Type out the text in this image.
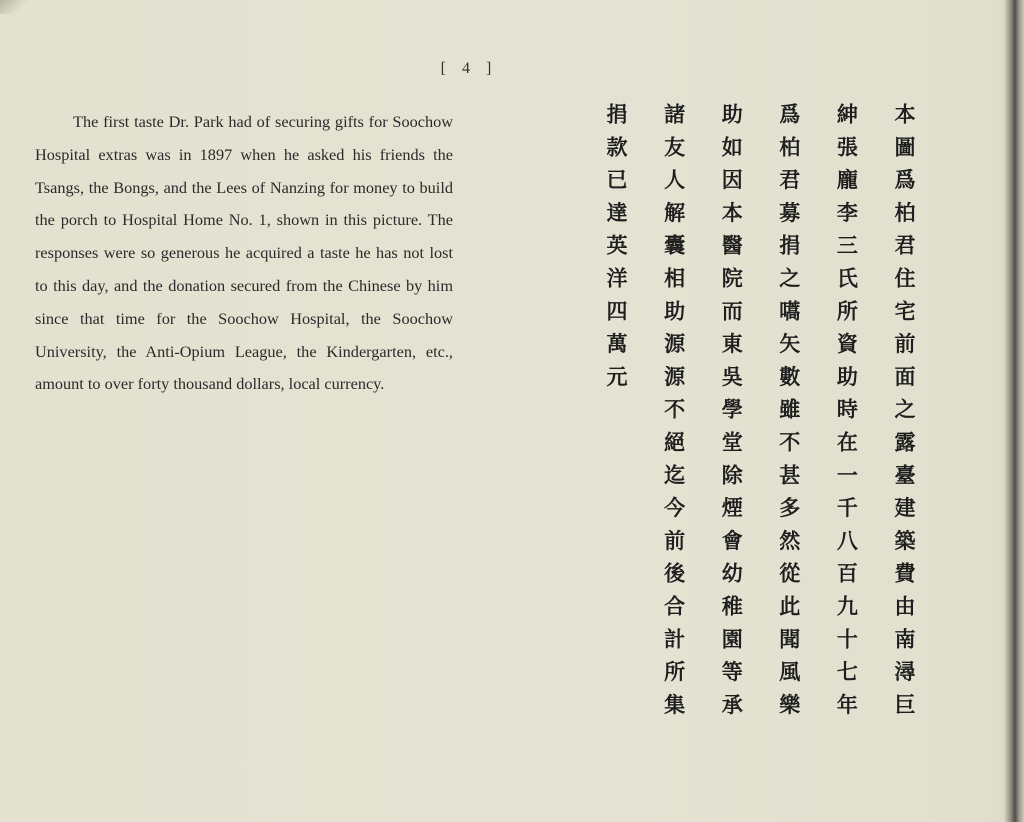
[ 4 ]

The first taste Dr. Park had of securing gifts for Soochow Hospital extras was in 1897 when he asked his friends the Tsangs, the Bongs, and the Lees of Nanzing for money to build the porch to Hospital Home No. 1, shown in this picture. The responses were so generous he acquired a taste he has not lost to this day, and the donation secured from the Chinese by him since that time for the Soochow Hospital, the Soochow University, the Anti-Opium League, the Kindergarten, etc., amount to over forty thousand dollars, local currency.	本圖爲柏君住宅前面之露臺建築費由南潯巨
紳張龐李三氏所資助時在一千八百九十七年
爲柏君募捐之嚆矢數雖不甚多然從此聞風樂
助如因本醫院而東吳學堂除煙會幼稚園等承
諸友人解囊相助源源不絕迄今前後合計所集
捐款已達英洋四萬元
